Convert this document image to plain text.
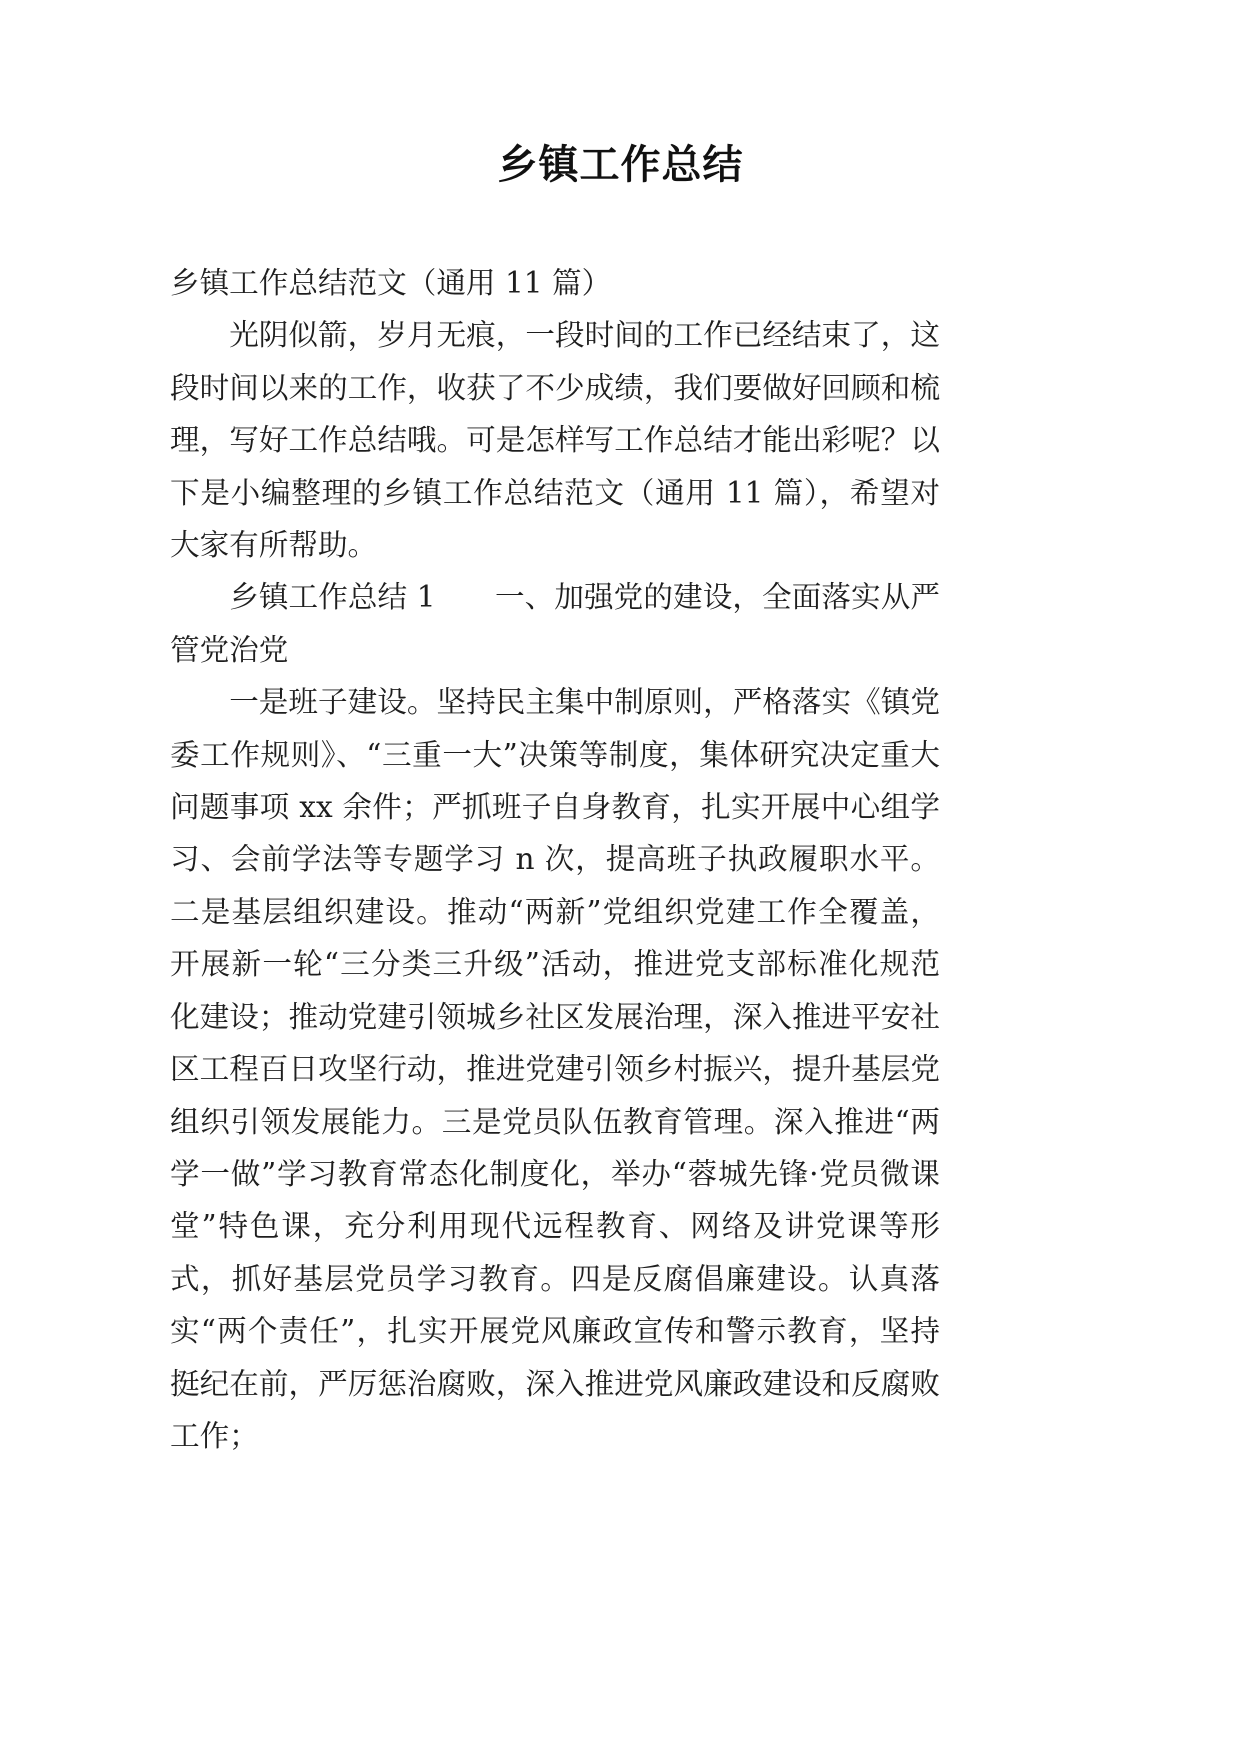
乡镇工作总结

乡镇工作总结范文（通用 11 篇）

光阴似箭，岁月无痕，一段时间的工作已经结束了，这段时间以来的工作，收获了不少成绩，我们要做好回顾和梳理，写好工作总结哦。可是怎样写工作总结才能出彩呢？以下是小编整理的乡镇工作总结范文（通用 11 篇），希望对大家有所帮助。

乡镇工作总结 1　　一、加强党的建设，全面落实从严管党治党

一是班子建设。坚持民主集中制原则，严格落实《镇党委工作规则》、“三重一大”决策等制度，集体研究决定重大问题事项 xx 余件；严抓班子自身教育，扎实开展中心组学习、会前学法等专题学习 n 次，提高班子执政履职水平。二是基层组织建设。推动“两新”党组织党建工作全覆盖，开展新一轮“三分类三升级”活动，推进党支部标准化规范化建设；推动党建引领城乡社区发展治理，深入推进平安社区工程百日攻坚行动，推进党建引领乡村振兴，提升基层党组织引领发展能力。三是党员队伍教育管理。深入推进“两学一做”学习教育常态化制度化，举办“蓉城先锋·党员微课堂”特色课，充分利用现代远程教育、网络及讲党课等形式，抓好基层党员学习教育。四是反腐倡廉建设。认真落实“两个责任”，扎实开展党风廉政宣传和警示教育，坚持挺纪在前，严厉惩治腐败，深入推进党风廉政建设和反腐败工作；
